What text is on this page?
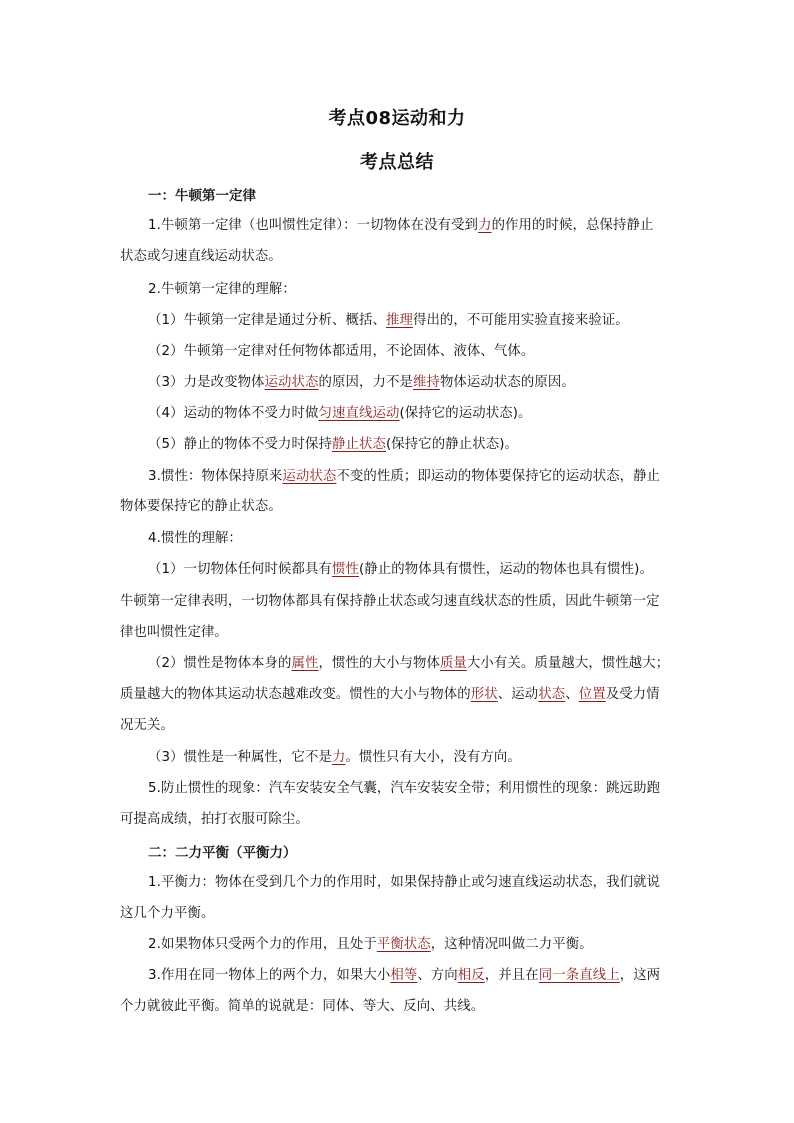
考点08运动和力
考点总结
一：牛顿第一定律
1.牛顿第一定律（也叫惯性定律）：一切物体在没有受到力的作用的时候，总保持静止
状态或匀速直线运动状态。
2.牛顿第一定律的理解：
（1）牛顿第一定律是通过分析、概括、推理得出的，不可能用实验直接来验证。
（2）牛顿第一定律对任何物体都适用，不论固体、液体、气体。
（3）力是改变物体运动状态的原因，力不是维持物体运动状态的原因。
（4）运动的物体不受力时做匀速直线运动(保持它的运动状态)。
（5）静止的物体不受力时保持静止状态(保持它的静止状态)。
3.惯性：物体保持原来运动状态不变的性质；即运动的物体要保持它的运动状态，静止
物体要保持它的静止状态。
4.惯性的理解：
（1）一切物体任何时候都具有惯性(静止的物体具有惯性，运动的物体也具有惯性)。
牛顿第一定律表明，一切物体都具有保持静止状态或匀速直线状态的性质，因此牛顿第一定
律也叫惯性定律。
（2）惯性是物体本身的属性，惯性的大小与物体质量大小有关。质量越大，惯性越大；
质量越大的物体其运动状态越难改变。惯性的大小与物体的形状、运动状态、位置及受力情
况无关。
（3）惯性是一种属性，它不是力。惯性只有大小，没有方向。
5.防止惯性的现象：汽车安装安全气囊，汽车安装安全带；利用惯性的现象：跳远助跑
可提高成绩，拍打衣服可除尘。
二：二力平衡（平衡力）
1.平衡力：物体在受到几个力的作用时，如果保持静止或匀速直线运动状态，我们就说
这几个力平衡。
2.如果物体只受两个力的作用，且处于平衡状态，这种情况叫做二力平衡。
3.作用在同一物体上的两个力，如果大小相等、方向相反，并且在同一条直线上，这两
个力就彼此平衡。简单的说就是：同体、等大、反向、共线。
